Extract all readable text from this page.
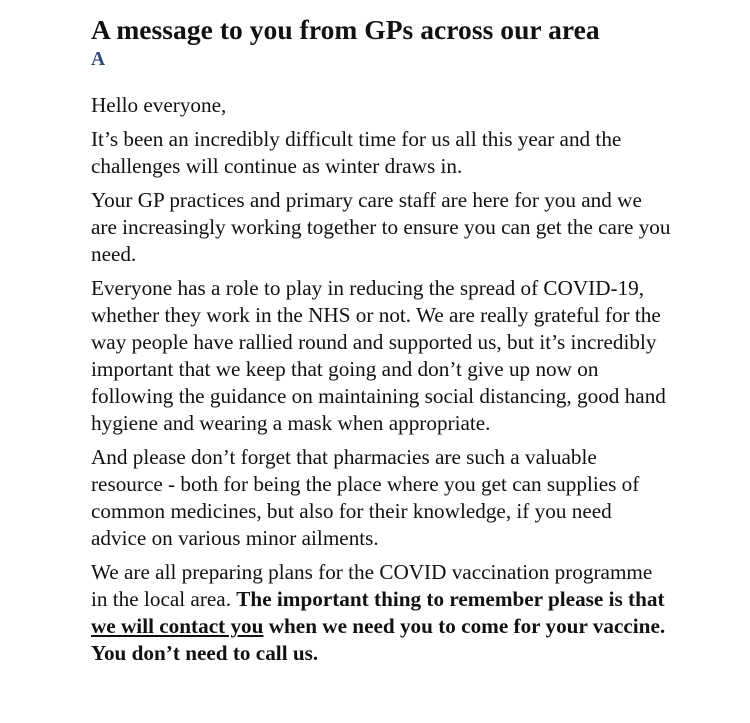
A message to you from GPs across our area
A

Hello everyone,

It’s been an incredibly difficult time for us all this year and the challenges will continue as winter draws in.

Your GP practices and primary care staff are here for you and we are increasingly working together to ensure you can get the care you need.

Everyone has a role to play in reducing the spread of COVID-19, whether they work in the NHS or not. We are really grateful for the way people have rallied round and supported us, but it’s incredibly important that we keep that going and don’t give up now on following the guidance on maintaining social distancing, good hand hygiene and wearing a mask when appropriate.

And please don’t forget that pharmacies are such a valuable resource - both for being the place where you get can supplies of common medicines, but also for their knowledge, if you need advice on various minor ailments.

We are all preparing plans for the COVID vaccination programme in the local area. The important thing to remember please is that we will contact you when we need you to come for your vaccine. You don’t need to call us.
